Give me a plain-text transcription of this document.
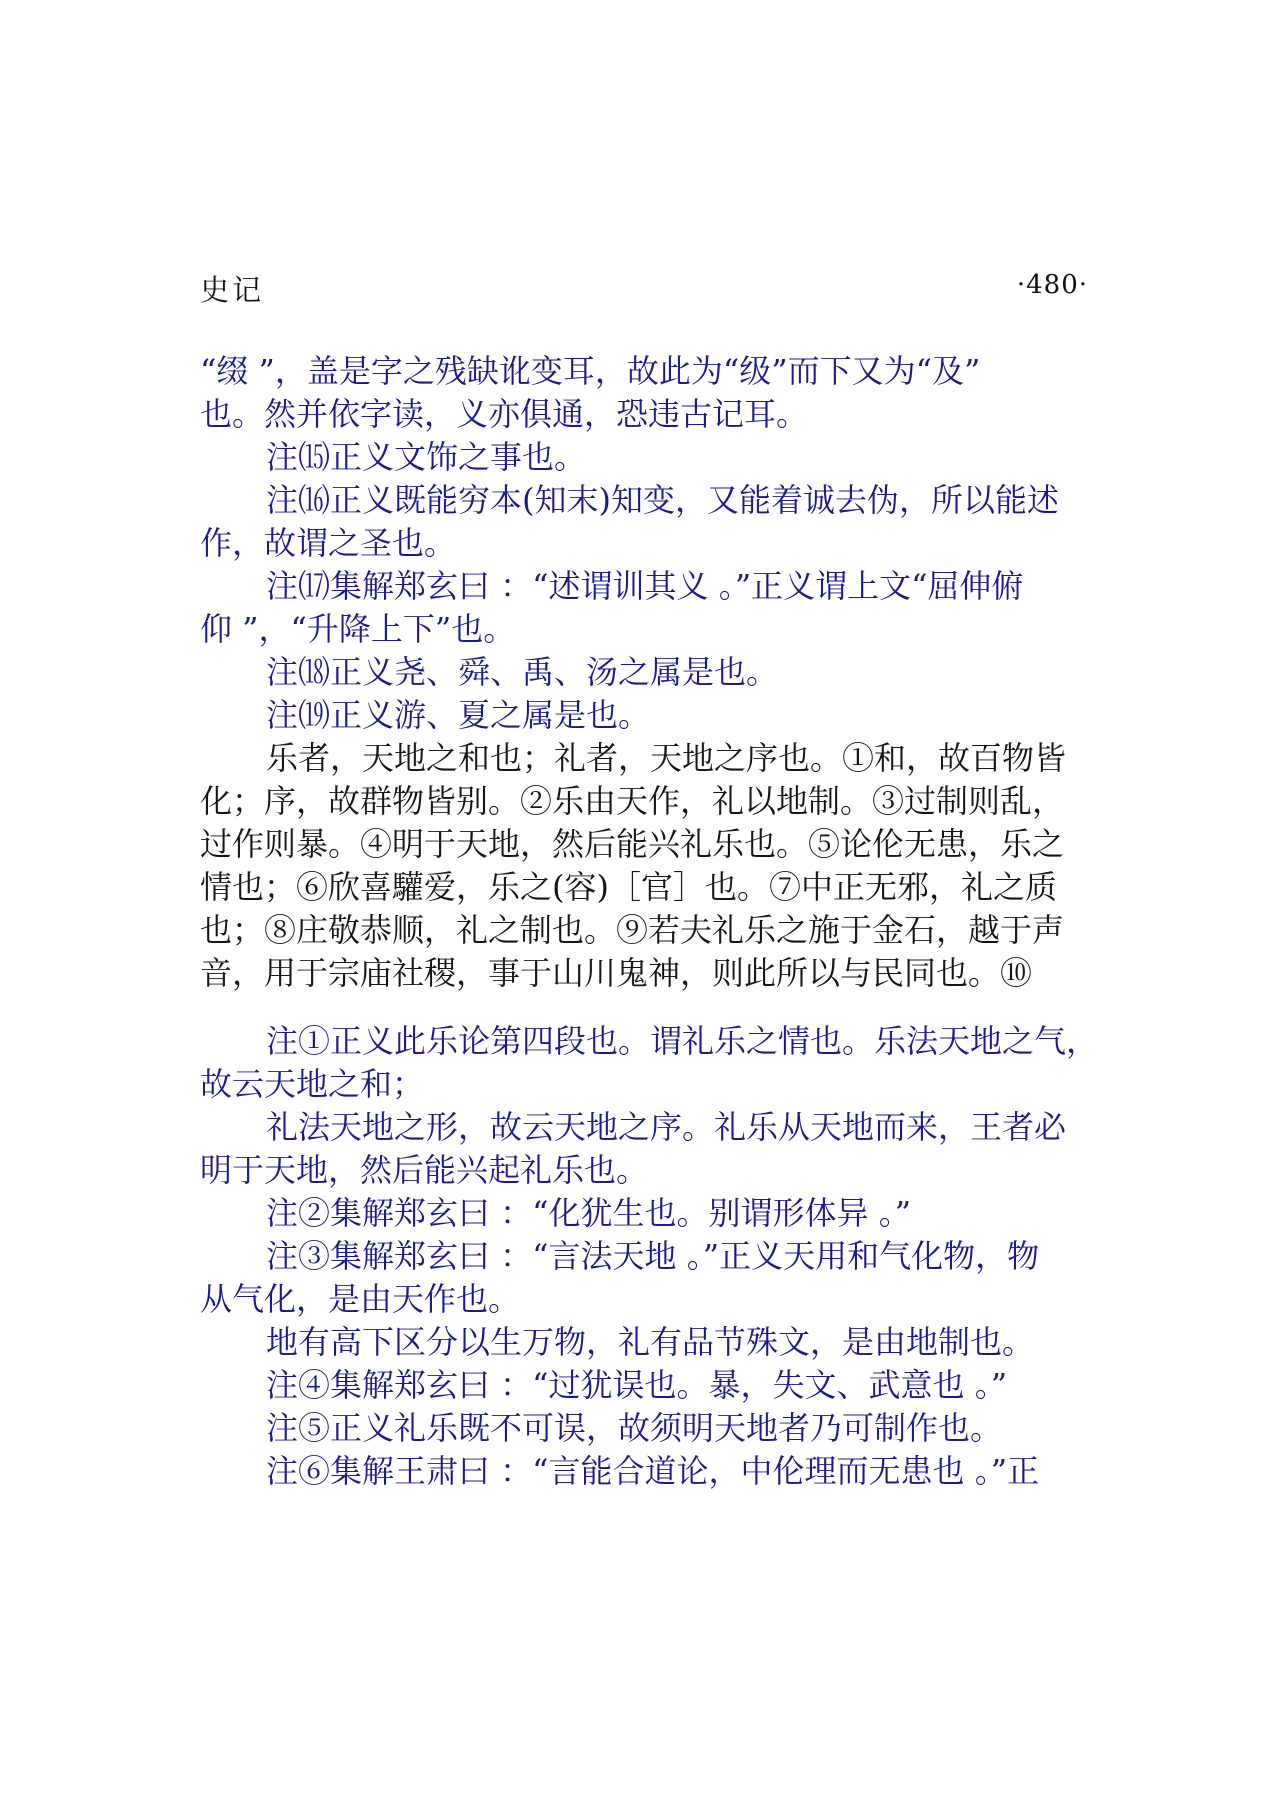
史记	·480·
“缀 ”，盖是字之残缺讹变耳，故此为“级”而下又为“及”
也。然并依字读，义亦俱通，恐违古记耳。
注⒂正义文饰之事也。
注⒃正义既能穷本(知末)知变，又能着诚去伪，所以能述
作，故谓之圣也。
注⒄集解郑玄曰 ：“述谓训其义 。”正义谓上文“屈伸俯
仰 ”，“升降上下”也。
注⒅正义尧、舜、禹、汤之属是也。
注⒆正义游、夏之属是也。
乐者，天地之和也；礼者，天地之序也。①和，故百物皆
化；序，故群物皆别。②乐由天作，礼以地制。③过制则乱，
过作则暴。④明于天地，然后能兴礼乐也。⑤论伦无患，乐之
情也；⑥欣喜驩爱，乐之(容)［官］也。⑦中正无邪，礼之质
也；⑧庄敬恭顺，礼之制也。⑨若夫礼乐之施于金石，越于声
音，用于宗庙社稷，事于山川鬼神，则此所以与民同也。⑩
注①正义此乐论第四段也。谓礼乐之情也。乐法天地之气，
故云天地之和；
礼法天地之形，故云天地之序。礼乐从天地而来，王者必
明于天地，然后能兴起礼乐也。
注②集解郑玄曰 ：“化犹生也。别谓形体异 。”
注③集解郑玄曰 ：“言法天地 。”正义天用和气化物，物
从气化，是由天作也。
地有高下区分以生万物，礼有品节殊文，是由地制也。
注④集解郑玄曰 ：“过犹误也。暴，失文、武意也 。”
注⑤正义礼乐既不可误，故须明天地者乃可制作也。
注⑥集解王肃曰 ：“言能合道论，中伦理而无患也 。”正
